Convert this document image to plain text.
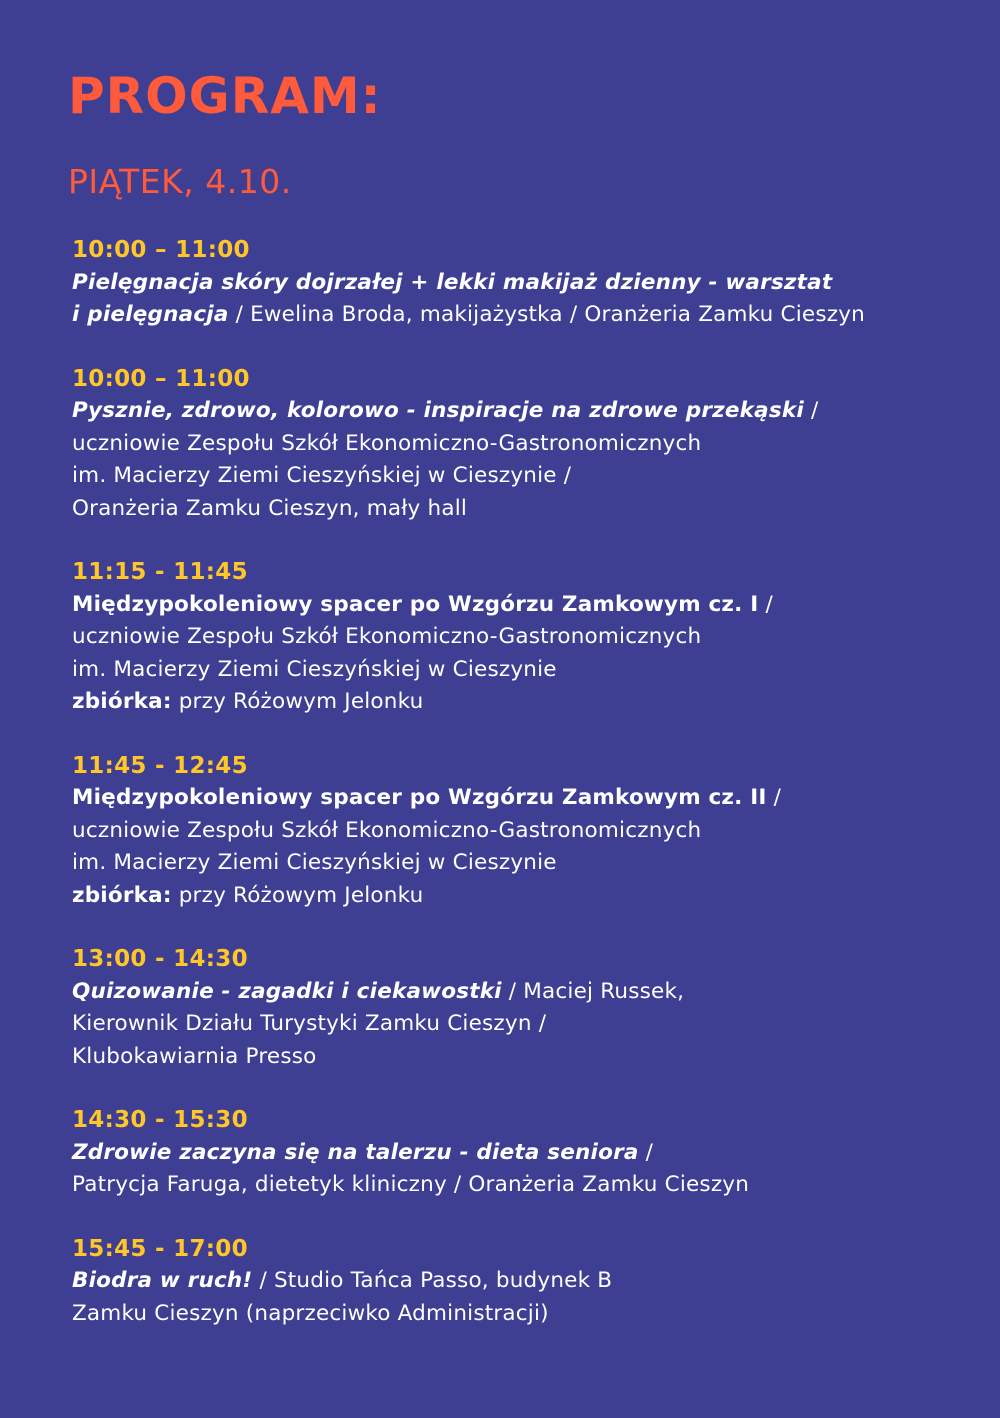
PROGRAM:
PIĄTEK, 4.10.
10:00 – 11:00
Pielęgnacja skóry dojrzałej + lekki makijaż dzienny - warsztat
i pielęgnacja / Ewelina Broda, makijażystka / Oranżeria Zamku Cieszyn
10:00 – 11:00
Pysznie, zdrowo, kolorowo - inspiracje na zdrowe przekąski /
uczniowie Zespołu Szkół Ekonomiczno-Gastronomicznych
im. Macierzy Ziemi Cieszyńskiej w Cieszynie /
Oranżeria Zamku Cieszyn, mały hall
11:15 - 11:45
Międzypokoleniowy spacer po Wzgórzu Zamkowym cz. I /
uczniowie Zespołu Szkół Ekonomiczno-Gastronomicznych
im. Macierzy Ziemi Cieszyńskiej w Cieszynie
zbiórka: przy Różowym Jelonku
11:45 - 12:45
Międzypokoleniowy spacer po Wzgórzu Zamkowym cz. II /
uczniowie Zespołu Szkół Ekonomiczno-Gastronomicznych
im. Macierzy Ziemi Cieszyńskiej w Cieszynie
zbiórka: przy Różowym Jelonku
13:00 - 14:30
Quizowanie - zagadki i ciekawostki / Maciej Russek,
Kierownik Działu Turystyki Zamku Cieszyn /
Klubokawiarnia Presso
14:30 - 15:30
Zdrowie zaczyna się na talerzu - dieta seniora /
Patrycja Faruga, dietetyk kliniczny / Oranżeria Zamku Cieszyn
15:45 - 17:00
Biodra w ruch! / Studio Tańca Passo, budynek B
Zamku Cieszyn (naprzeciwko Administracji)
